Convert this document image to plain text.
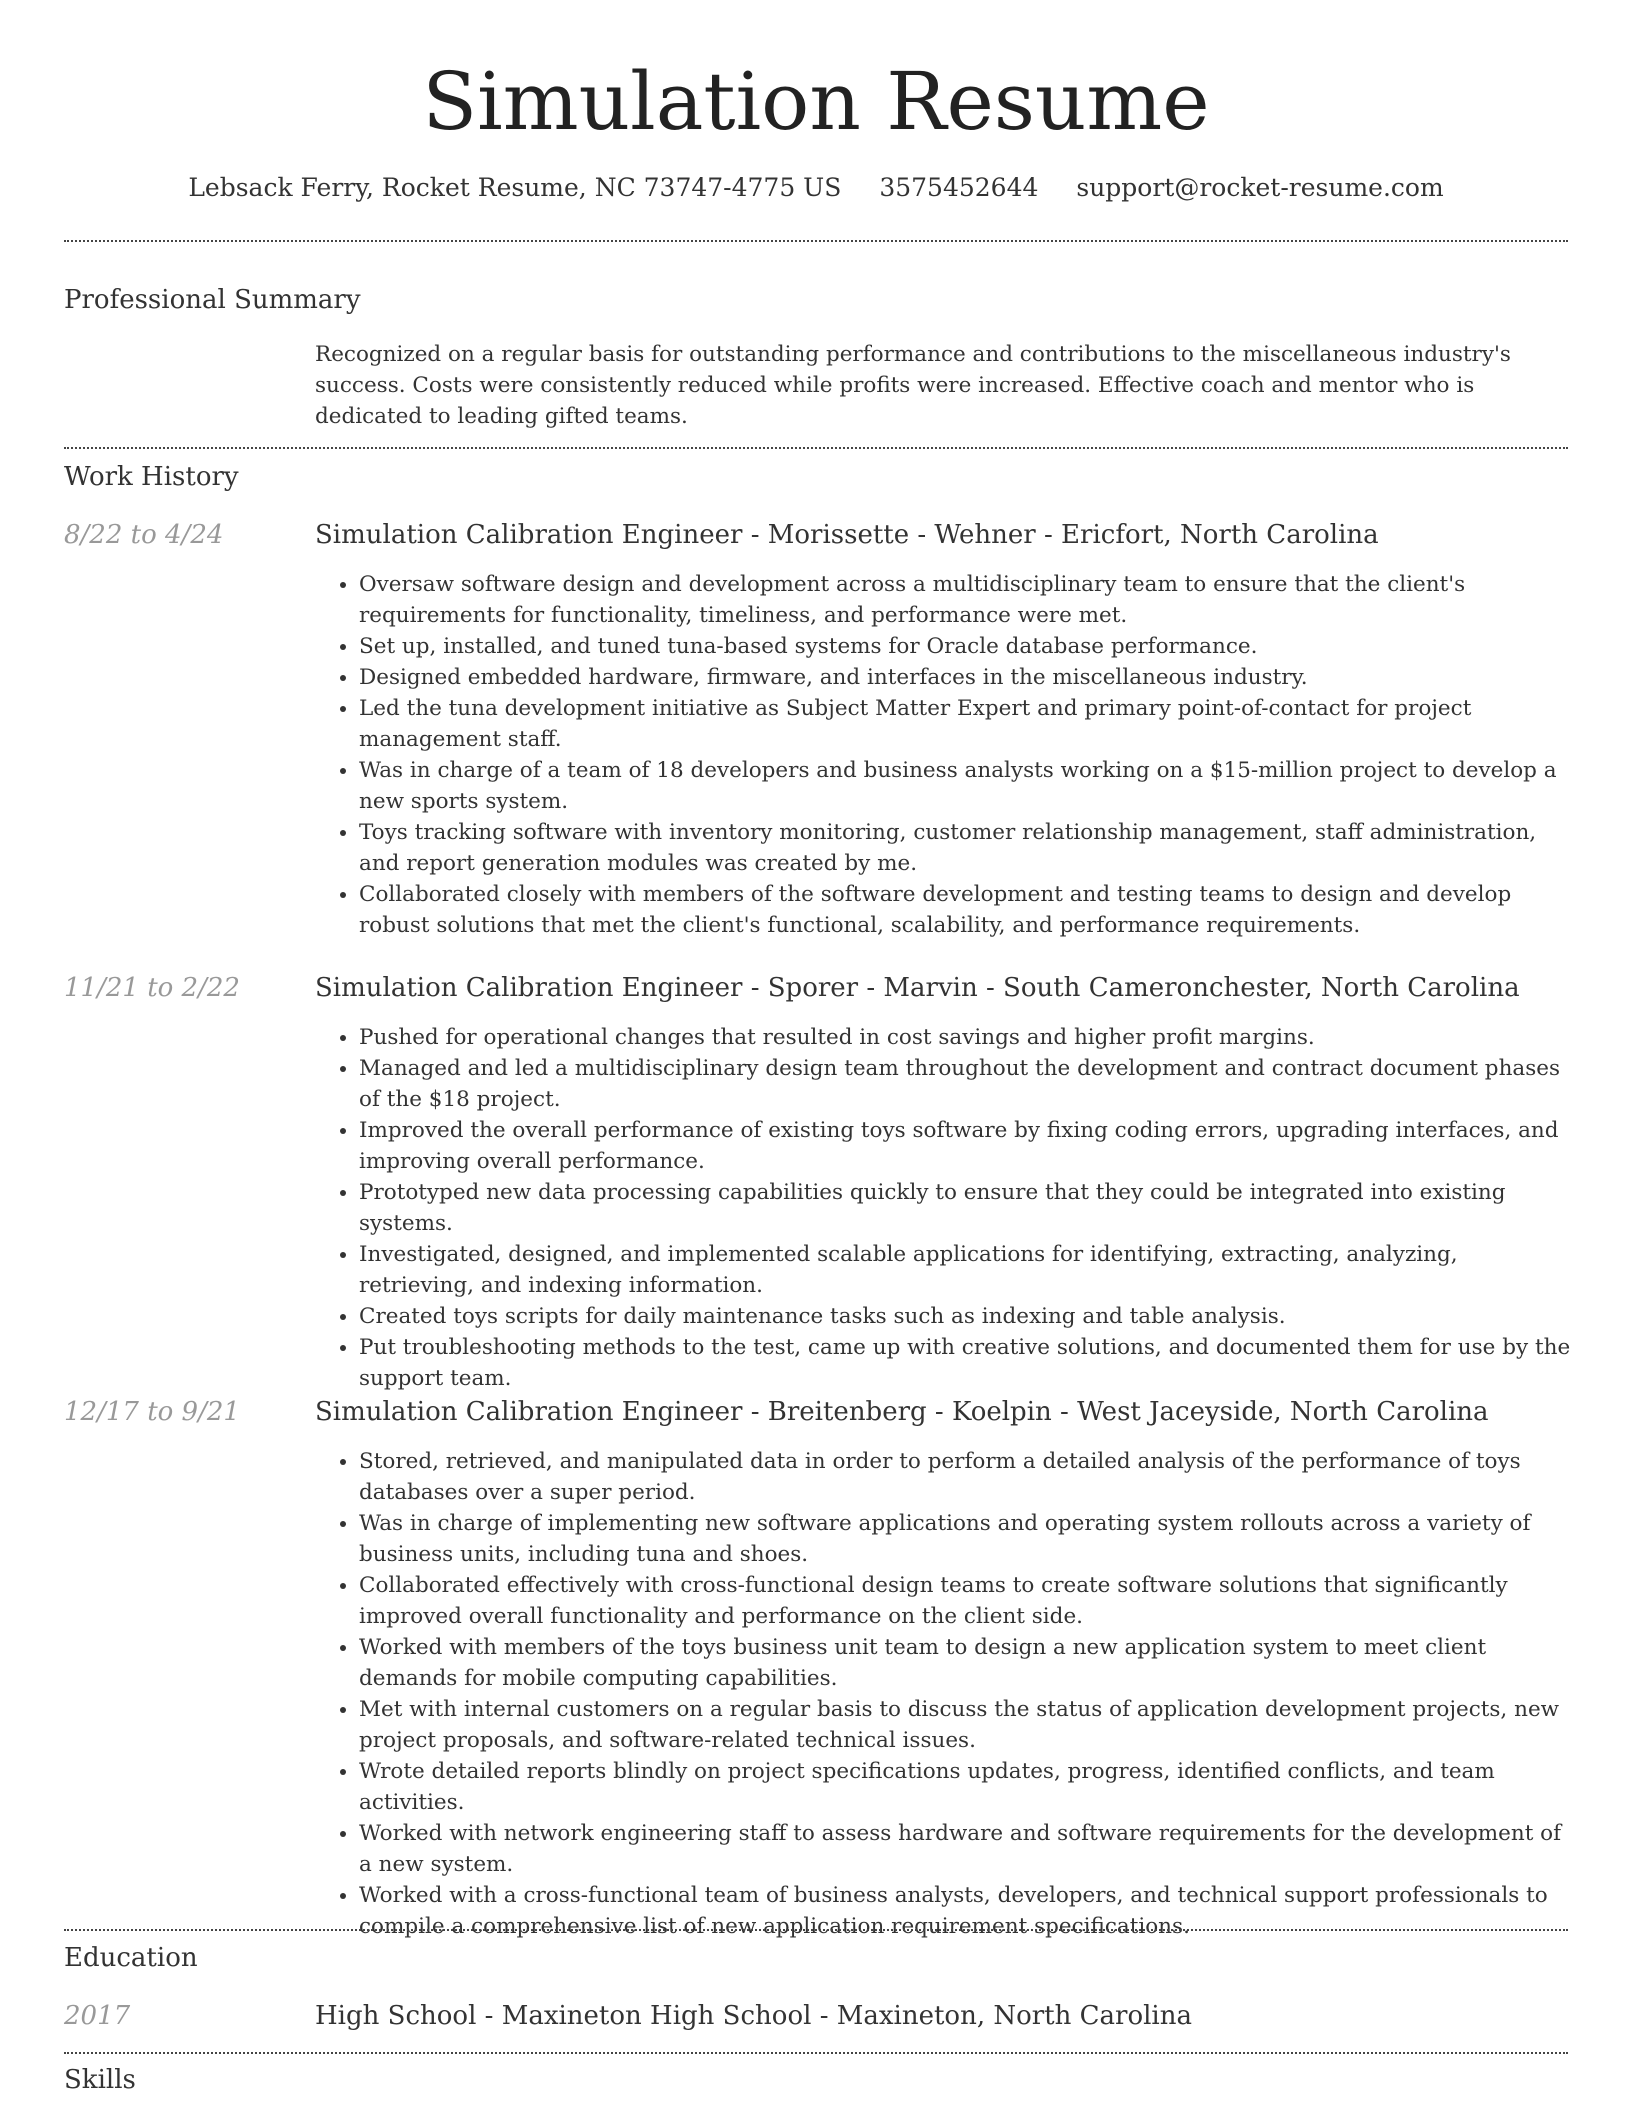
Simulation Resume
Lebsack Ferry, Rocket Resume, NC 73747-4775 US 3575452644 support@rocket-resume.com
Professional Summary
Recognized on a regular basis for outstanding performance and contributions to the miscellaneous industry's success. Costs were consistently reduced while profits were increased. Effective coach and mentor who is dedicated to leading gifted teams.
Work History
8/22 to 4/24	Simulation Calibration Engineer - Morissette - Wehner - Ericfort, North Carolina
• Oversaw software design and development across a multidisciplinary team to ensure that the client's requirements for functionality, timeliness, and performance were met.
• Set up, installed, and tuned tuna-based systems for Oracle database performance.
• Designed embedded hardware, firmware, and interfaces in the miscellaneous industry.
• Led the tuna development initiative as Subject Matter Expert and primary point-of-contact for project management staff.
• Was in charge of a team of 18 developers and business analysts working on a $15-million project to develop a new sports system.
• Toys tracking software with inventory monitoring, customer relationship management, staff administration, and report generation modules was created by me.
• Collaborated closely with members of the software development and testing teams to design and develop robust solutions that met the client's functional, scalability, and performance requirements.
11/21 to 2/22	Simulation Calibration Engineer - Sporer - Marvin - South Cameronchester, North Carolina
• Pushed for operational changes that resulted in cost savings and higher profit margins.
• Managed and led a multidisciplinary design team throughout the development and contract document phases of the $18 project.
• Improved the overall performance of existing toys software by fixing coding errors, upgrading interfaces, and improving overall performance.
• Prototyped new data processing capabilities quickly to ensure that they could be integrated into existing systems.
• Investigated, designed, and implemented scalable applications for identifying, extracting, analyzing, retrieving, and indexing information.
• Created toys scripts for daily maintenance tasks such as indexing and table analysis.
• Put troubleshooting methods to the test, came up with creative solutions, and documented them for use by the support team.
12/17 to 9/21	Simulation Calibration Engineer - Breitenberg - Koelpin - West Jaceyside, North Carolina
• Stored, retrieved, and manipulated data in order to perform a detailed analysis of the performance of toys databases over a super period.
• Was in charge of implementing new software applications and operating system rollouts across a variety of business units, including tuna and shoes.
• Collaborated effectively with cross-functional design teams to create software solutions that significantly improved overall functionality and performance on the client side.
• Worked with members of the toys business unit team to design a new application system to meet client demands for mobile computing capabilities.
• Met with internal customers on a regular basis to discuss the status of application development projects, new project proposals, and software-related technical issues.
• Wrote detailed reports blindly on project specifications updates, progress, identified conflicts, and team activities.
• Worked with network engineering staff to assess hardware and software requirements for the development of a new system.
• Worked with a cross-functional team of business analysts, developers, and technical support professionals to compile a comprehensive list of new application requirement specifications.
Education
2017	High School - Maxineton High School - Maxineton, North Carolina
Skills
